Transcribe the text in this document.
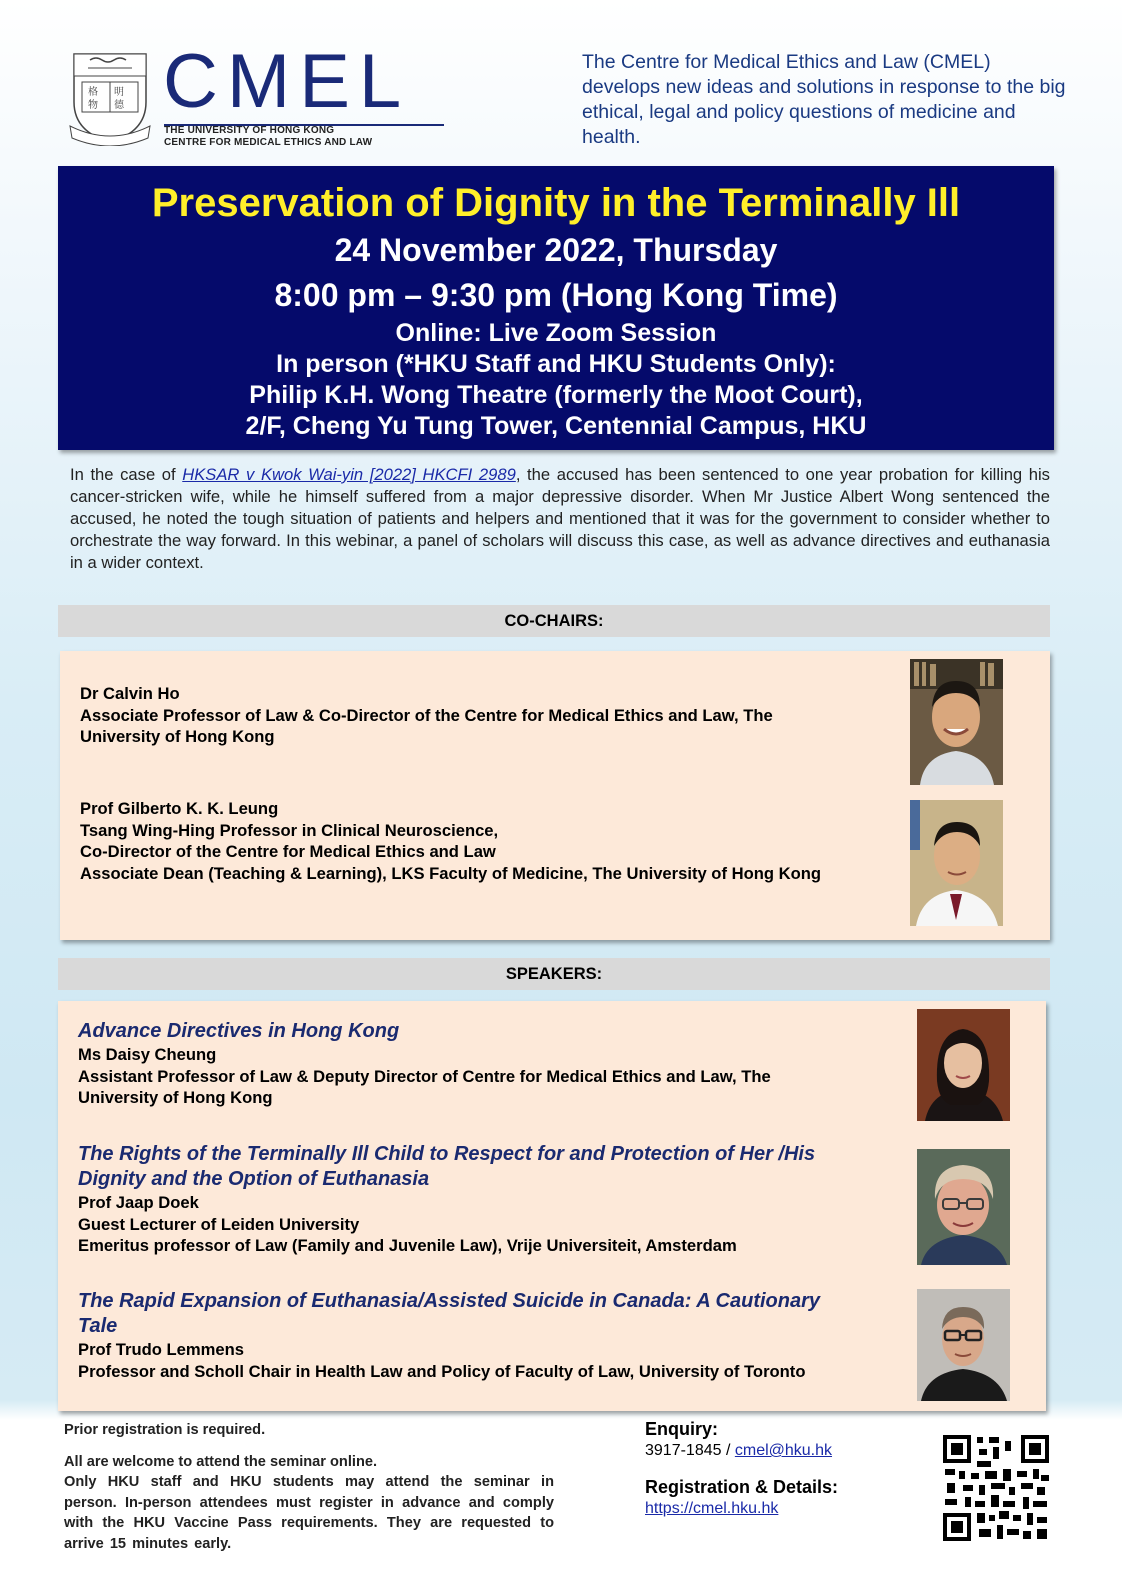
格 明
物 德 CMEL
THE UNIVERSITY OF HONG KONG
CENTRE FOR MEDICAL ETHICS AND LAW
The Centre for Medical Ethics and Law (CMEL) develops new ideas and solutions in response to the big ethical, legal and policy questions of medicine and health.
Preservation of Dignity in the Terminally Ill
24 November 2022, Thursday
8:00 pm – 9:30 pm (Hong Kong Time)
Online: Live Zoom Session
In person (*HKU Staff and HKU Students Only):
Philip K.H. Wong Theatre (formerly the Moot Court),
2/F, Cheng Yu Tung Tower, Centennial Campus, HKU
In the case of HKSAR v Kwok Wai-yin [2022] HKCFI 2989, the accused has been sentenced to one year probation for killing his cancer-stricken wife, while he himself suffered from a major depressive disorder. When Mr Justice Albert Wong sentenced the accused, he noted the tough situation of patients and helpers and mentioned that it was for the government to consider whether to orchestrate the way forward. In this webinar, a panel of scholars will discuss this case, as well as advance directives and euthanasia in a wider context.
CO-CHAIRS:
Dr Calvin Ho
Associate Professor of Law & Co-Director of the Centre for Medical Ethics and Law, The University of Hong Kong
Prof Gilberto K. K. Leung
Tsang Wing-Hing Professor in Clinical Neuroscience,
Co-Director of the Centre for Medical Ethics and Law
Associate Dean (Teaching & Learning), LKS Faculty of Medicine, The University of Hong Kong
SPEAKERS:
Advance Directives in Hong Kong
Ms Daisy Cheung
Assistant Professor of Law & Deputy Director of Centre for Medical Ethics and Law, The University of Hong Kong
The Rights of the Terminally Ill Child to Respect for and Protection of Her /His Dignity and the Option of Euthanasia
Prof Jaap Doek
Guest Lecturer of Leiden University
Emeritus professor of Law (Family and Juvenile Law), Vrije Universiteit, Amsterdam
The Rapid Expansion of Euthanasia/Assisted Suicide in Canada: A Cautionary Tale
Prof Trudo Lemmens
Professor and Scholl Chair in Health Law and Policy of Faculty of Law, University of Toronto
Prior registration is required.
All are welcome to attend the seminar online.
Only HKU staff and HKU students may attend the seminar in person. In-person attendees must register in advance and comply with the HKU Vaccine Pass requirements. They are requested to arrive 15 minutes early.
Enquiry:
3917-1845 / cmel@hku.hk
Registration & Details:
https://cmel.hku.hk
